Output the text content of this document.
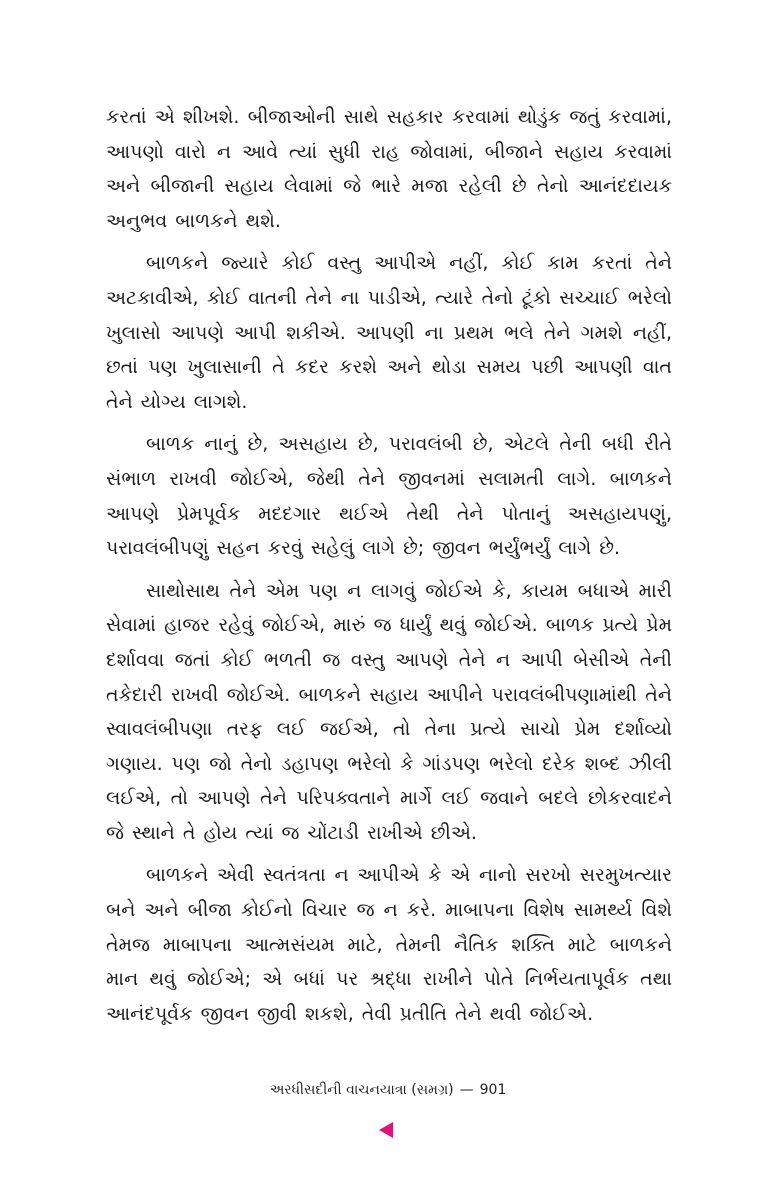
કરતાં એ શીખશે. બીજાઓની સાથે સહકાર કરવામાં થોડુંક જતું કરવામાં, આપણો વારો ન આવે ત્યાં સુધી રાહ જોવામાં, બીજાને સહાય કરવામાં અને બીજાની સહાય લેવામાં જે ભારે મજા રહેલી છે તેનો આનંદદાયક અનુભવ બાળકને થશે.

બાળકને જ્યારે કોઈ વસ્તુ આપીએ નહીં, કોઈ કામ કરતાં તેને અટકાવીએ, કોઈ વાતની તેને ના પાડીએ, ત્યારે તેનો ટૂંકો સચ્ચાઈ ભરેલો ખુલાસો આપણે આપી શકીએ. આપણી ના પ્રથમ ભલે તેને ગમશે નહીં, છતાં પણ ખુલાસાની તે કદર કરશે અને થોડા સમય પછી આપણી વાત તેને યોગ્ય લાગશે.

બાળક નાનું છે, અસહાય છે, પરાવલંબી છે, એટલે તેની બધી રીતે સંભાળ રાખવી જોઈએ, જેથી તેને જીવનમાં સલામતી લાગે. બાળકને આપણે પ્રેમપૂર્વક મદદગાર થઈએ તેથી તેને પોતાનું અસહાયપણું, પરાવલંબીપણું સહન કરવું સહેલું લાગે છે; જીવન ભર્યુંભર્યું લાગે છે.

સાથોસાથ તેને એમ પણ ન લાગવું જોઈએ કે, કાયમ બધાએ મારી સેવામાં હાજર રહેવું જોઈએ, મારું જ ધાર્યું થવું જોઈએ. બાળક પ્રત્યે પ્રેમ દર્શાવવા જતાં કોઈ ભળતી જ વસ્તુ આપણે તેને ન આપી બેસીએ તેની તકેદારી રાખવી જોઈએ. બાળકને સહાય આપીને પરાવલંબીપણામાંથી તેને સ્વાવલંબીપણા તરફ લઈ જઈએ, તો તેના પ્રત્યે સાચો પ્રેમ દર્શાવ્યો ગણાય. પણ જો તેનો ડહાપણ ભરેલો કે ગાંડપણ ભરેલો દરેક શબ્દ ઝીલી લઈએ, તો આપણે તેને પરિપક્વતાને માર્ગે લઈ જવાને બદલે છોકરવાદને જે સ્થાને તે હોય ત્યાં જ ચોંટાડી રાખીએ છીએ.

બાળકને એવી સ્વતંત્રતા ન આપીએ કે એ નાનો સરખો સરમુખત્યાર બને અને બીજા કોઈનો વિચાર જ ન કરે. માબાપના વિશેષ સામર્થ્ય વિશે તેમજ માબાપના આત્મસંયમ માટે, તેમની નૈતિક શક્તિ માટે બાળકને માન થવું જોઈએ; એ બધાં પર શ્રદ્ધા રાખીને પોતે નિર્ભયતાપૂર્વક તથા આનંદપૂર્વક જીવન જીવી શકશે, તેવી પ્રતીતિ તેને થવી જોઈએ.

અરધીસદીની વાચનયાત્રા (સમગ્ર) — 901
